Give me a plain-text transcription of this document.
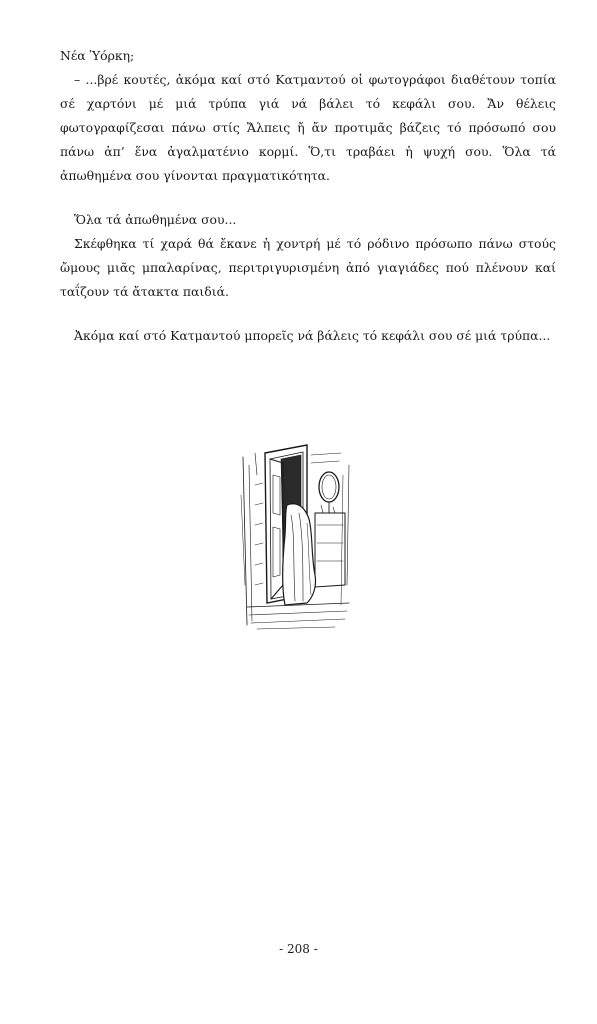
Νέα Ὑόρκη;

– ...βρέ κουτές, ἀκόμα καί στό Κατμαντού οἱ φωτογράφοι διαθέτουν τοπία σέ χαρτόνι μέ μιά τρύπα γιά νά βάλει τό κεφάλι σου. Ἄν θέλεις φωτογραφίζεσαι πάνω στίς Ἄλπεις ἤ ἄν προτιμᾶς βάζεις τό πρόσωπό σου πάνω ἀπ’ ἕνα ἀγαλματένιο κορμί. Ὅ,τι τραβάει ἡ ψυχή σου. Ὅλα τά ἀπωθημένα σου γίνονται πραγματικότητα.

Ὅλα τά ἀπωθημένα σου...

Σκέφθηκα τί χαρά θά ἔκανε ἡ χοντρή μέ τό ρόδινο πρόσωπο πάνω στούς ὤμους μιᾶς μπαλαρίνας, περιτριγυρισμένη ἀπό γιαγιάδες πού πλένουν καί ταΐζουν τά ἄτακτα παιδιά.

Ἀκόμα καί στό Κατμαντού μπορεῖς νά βάλεις τό κεφάλι σου σέ μιά τρύπα...

- 208 -
